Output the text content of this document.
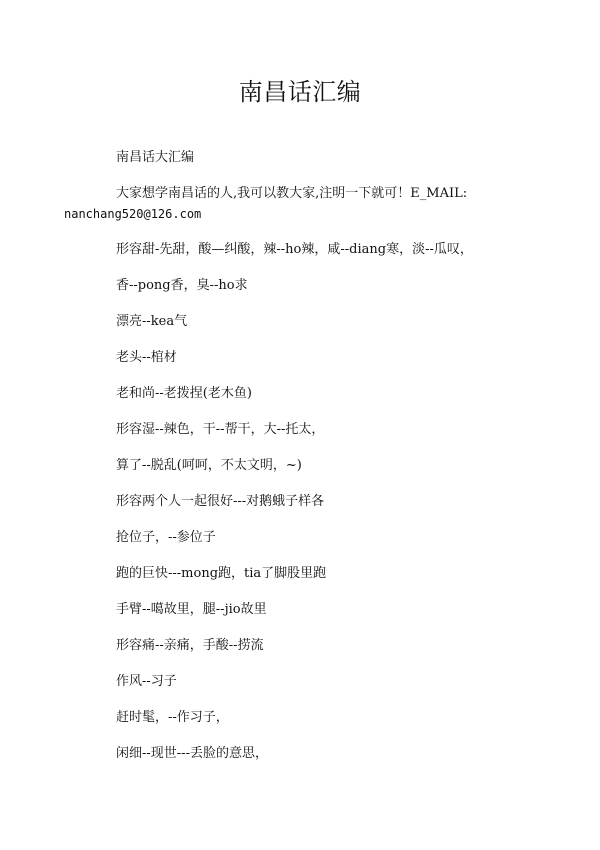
南昌话汇编

南昌话大汇编

大家想学南昌话的人,我可以教大家,注明一下就可！E_MAIL:
nanchang520@126.com

形容甜-先甜，酸—纠酸，辣--ho辣，咸--diang寒，淡--瓜叹，

香--pong香，臭--ho求

漂亮--kea气

老头--棺材

老和尚--老拨捏(老木鱼)

形容湿--辣色，干--帮干，大--托太，

算了--脱乱(呵呵，不太文明，~)

形容两个人一起很好---对鹅蛾子样各

抢位子，--参位子

跑的巨快---mong跑，tia了脚股里跑

手臂--噶故里，腿--jio故里

形容痛--亲痛，手酸--捞流

作风--习子

赶时髦，--作习子，

闲细--现世---丢脸的意思，
